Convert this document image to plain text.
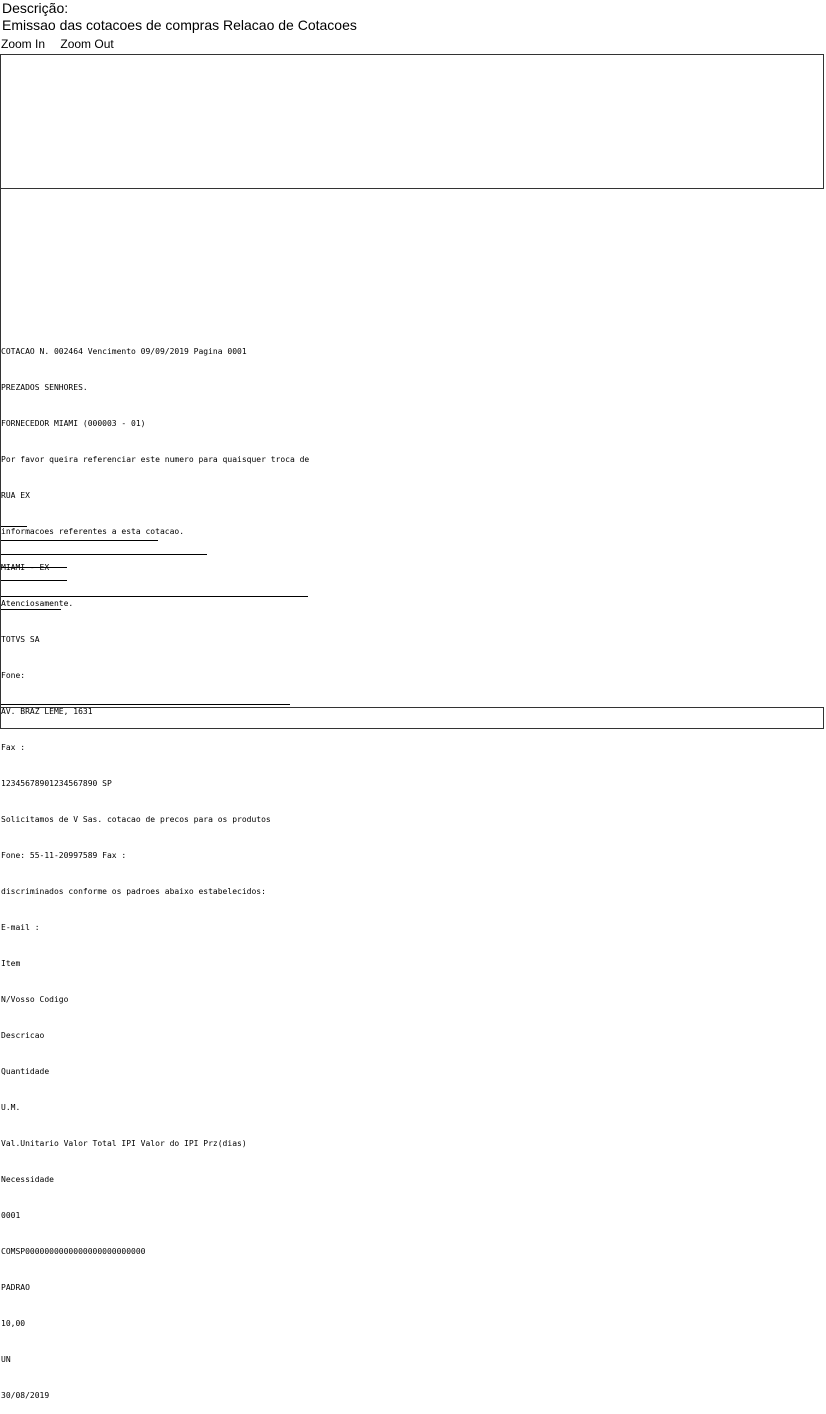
Descrição:
Emissao das cotacoes de compras Relacao de Cotacoes
Zoom In Zoom Out

COTACAO N. 002464 Vencimento 09/09/2019 Pagina 0001

PREZADOS SENHORES.

FORNECEDOR MIAMI (000003 - 01)

Por favor queira referenciar este numero para quaisquer troca de

RUA EX

informacoes referentes a esta cotacao.

MIAMI - EX

Atenciosamente.

TOTVS SA

Fone:

AV. BRAZ LEME, 1631

Fax :

12345678901234567890 SP

Solicitamos de V Sas. cotacao de precos para os produtos

Fone: 55-11-20997589 Fax :

discriminados conforme os padroes abaixo estabelecidos:

E-mail :

Item

N/Vosso Codigo

Descricao

Quantidade

U.M.

Val.Unitario Valor Total IPI Valor do IPI Prz(dias)

Necessidade

0001

COMSP0000000000000000000000000

PADRAO

10,00

UN

30/08/2019
